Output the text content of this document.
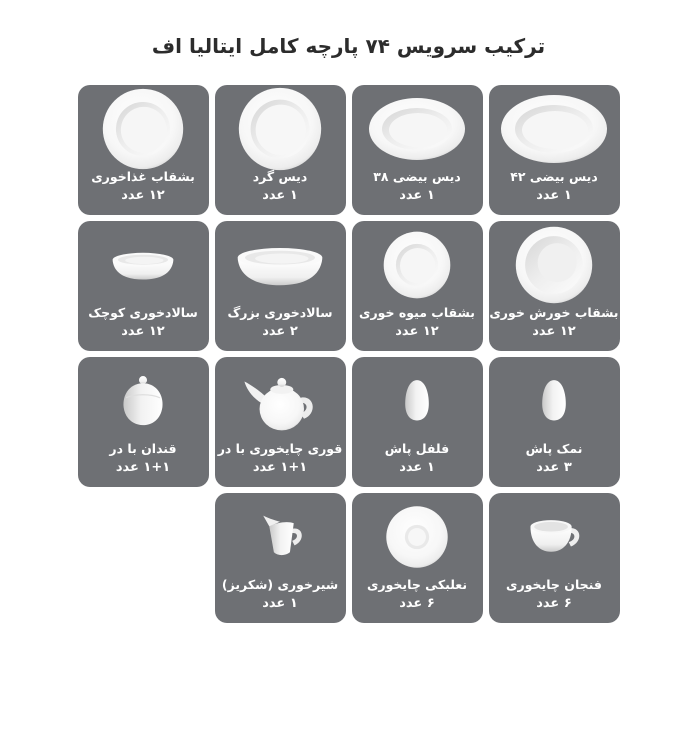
ترکیب سرویس ۷۴ پارچه کامل ایتالیا اف
دیس بیضی ۴۲
۱ عدد
دیس بیضی ۳۸
۱ عدد
دیس گرد
۱ عدد
بشقاب غذاخوری
۱۲ عدد
بشقاب خورش خوری
۱۲ عدد
بشقاب میوه خوری
۱۲ عدد
سالادخوری بزرگ
۲ عدد
سالادخوری کوچک
۱۲ عدد
نمک پاش
۳ عدد
فلفل پاش
۱ عدد
قوری چایخوری با در
۱+۱ عدد
قندان با در
۱+۱ عدد
فنجان چایخوری
۶ عدد
نعلبکی چایخوری
۶ عدد
شیرخوری (شکریز)
۱ عدد
